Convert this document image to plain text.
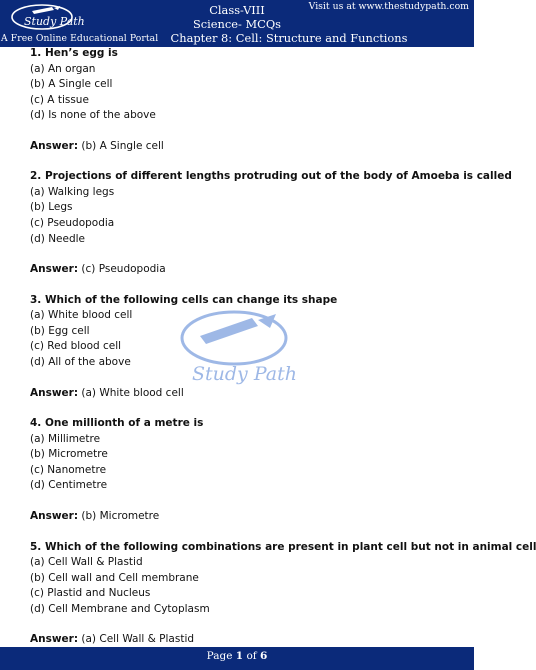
Study Path
A Free Online Educational Portal
Visit us at www.thestudypath.com
Class-VIII
Science- MCQs
Chapter 8: Cell: Structure and Functions
Study Path
1. Hen’s egg is
(a) An organ
(b) A Single cell
(c) A tissue
(d) Is none of the above
Answer: (b) A Single cell
2. Projections of different lengths protruding out of the body of Amoeba is called
(a) Walking legs
(b) Legs
(c) Pseudopodia
(d) Needle
Answer: (c) Pseudopodia
3. Which of the following cells can change its shape
(a) White blood cell
(b) Egg cell
(c) Red blood cell
(d) All of the above
Answer: (a) White blood cell
4. One millionth of a metre is
(a) Millimetre
(b) Micrometre
(c) Nanometre
(d) Centimetre
Answer: (b) Micrometre
5. Which of the following combinations are present in plant cell but not in animal cell
(a) Cell Wall & Plastid
(b) Cell wall and Cell membrane
(c) Plastid and Nucleus
(d) Cell Membrane and Cytoplasm
Answer: (a) Cell Wall & Plastid
Page 1 of 6
